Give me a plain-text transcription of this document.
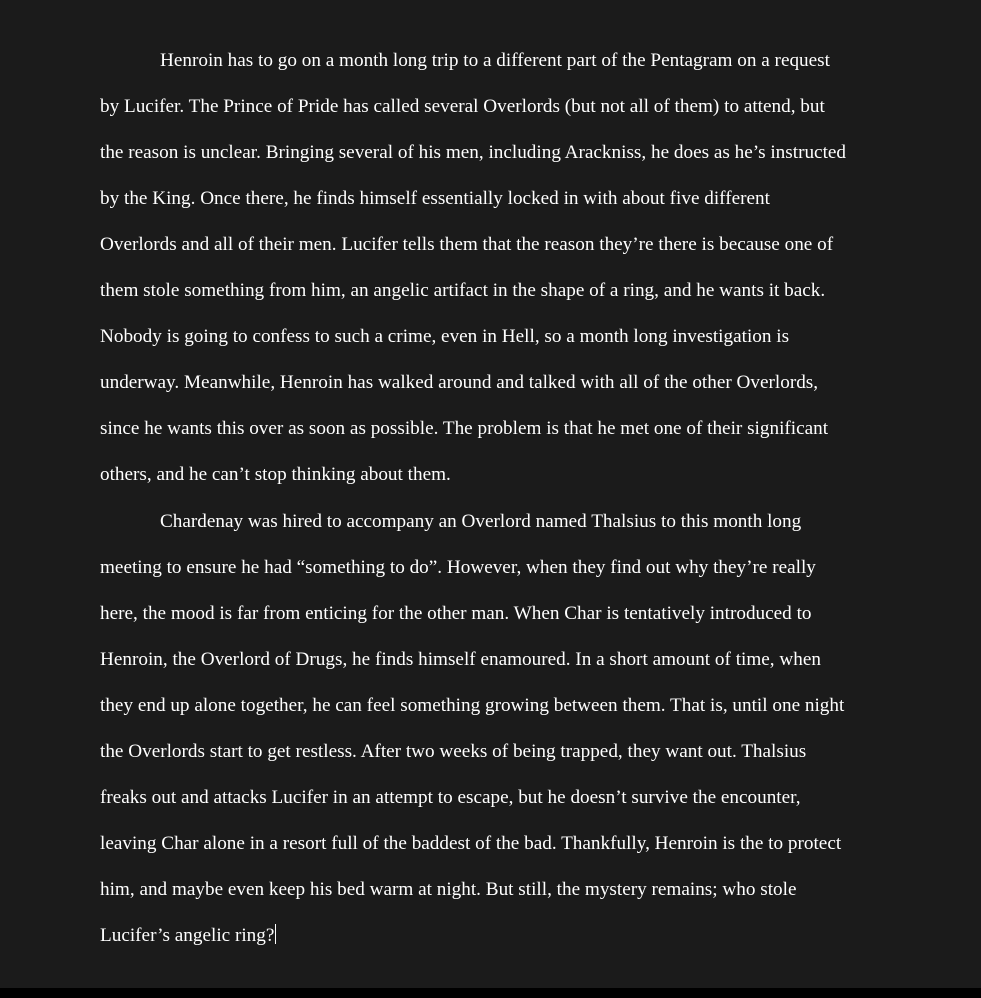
Henroin has to go on a month long trip to a different part of the Pentagram on a request
by Lucifer. The Prince of Pride has called several Overlords (but not all of them) to attend, but
the reason is unclear. Bringing several of his men, including Arackniss, he does as he’s instructed
by the King. Once there, he finds himself essentially locked in with about five different
Overlords and all of their men. Lucifer tells them that the reason they’re there is because one of
them stole something from him, an angelic artifact in the shape of a ring, and he wants it back.
Nobody is going to confess to such a crime, even in Hell, so a month long investigation is
underway. Meanwhile, Henroin has walked around and talked with all of the other Overlords,
since he wants this over as soon as possible. The problem is that he met one of their significant
others, and he can’t stop thinking about them.
Chardenay was hired to accompany an Overlord named Thalsius to this month long
meeting to ensure he had “something to do”. However, when they find out why they’re really
here, the mood is far from enticing for the other man. When Char is tentatively introduced to
Henroin, the Overlord of Drugs, he finds himself enamoured. In a short amount of time, when
they end up alone together, he can feel something growing between them. That is, until one night
the Overlords start to get restless. After two weeks of being trapped, they want out. Thalsius
freaks out and attacks Lucifer in an attempt to escape, but he doesn’t survive the encounter,
leaving Char alone in a resort full of the baddest of the bad. Thankfully, Henroin is the to protect
him, and maybe even keep his bed warm at night. But still, the mystery remains; who stole
Lucifer’s angelic ring?
